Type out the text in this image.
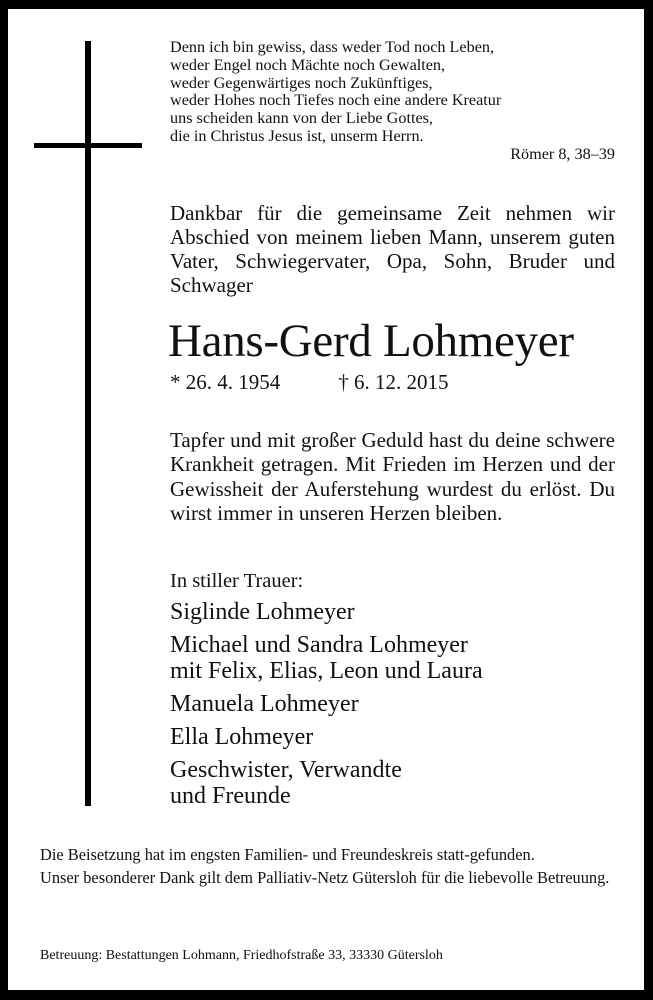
Denn ich bin gewiss, dass weder Tod noch Leben,
weder Engel noch Mächte noch Gewalten,
weder Gegenwärtiges noch Zukünftiges,
weder Hohes noch Tiefes noch eine andere Kreatur
uns scheiden kann von der Liebe Gottes,
die in Christus Jesus ist, unserm Herrn.
Römer 8, 38–39
Dankbar für die gemeinsame Zeit nehmen wir Abschied von meinem lieben Mann, unserem guten Vater, Schwiegervater, Opa, Sohn, Bruder und Schwager
Hans-Gerd Lohmeyer
* 26. 4. 1954	† 6. 12. 2015
Tapfer und mit großer Geduld hast du deine schwere Krankheit getragen. Mit Frieden im Herzen und der Gewissheit der Auferstehung wurdest du erlöst. Du wirst immer in unseren Herzen bleiben.
In stiller Trauer:
Siglinde Lohmeyer
Michael und Sandra Lohmeyer
mit Felix, Elias, Leon und Laura
Manuela Lohmeyer
Ella Lohmeyer
Geschwister, Verwandte
und Freunde

Die Beisetzung hat im engsten Familien- und Freundeskreis statt-gefunden.

Unser besonderer Dank gilt dem Palliativ-Netz Gütersloh für die liebevolle Betreuung.

Betreuung: Bestattungen Lohmann, Friedhofstraße 33, 33330 Gütersloh
